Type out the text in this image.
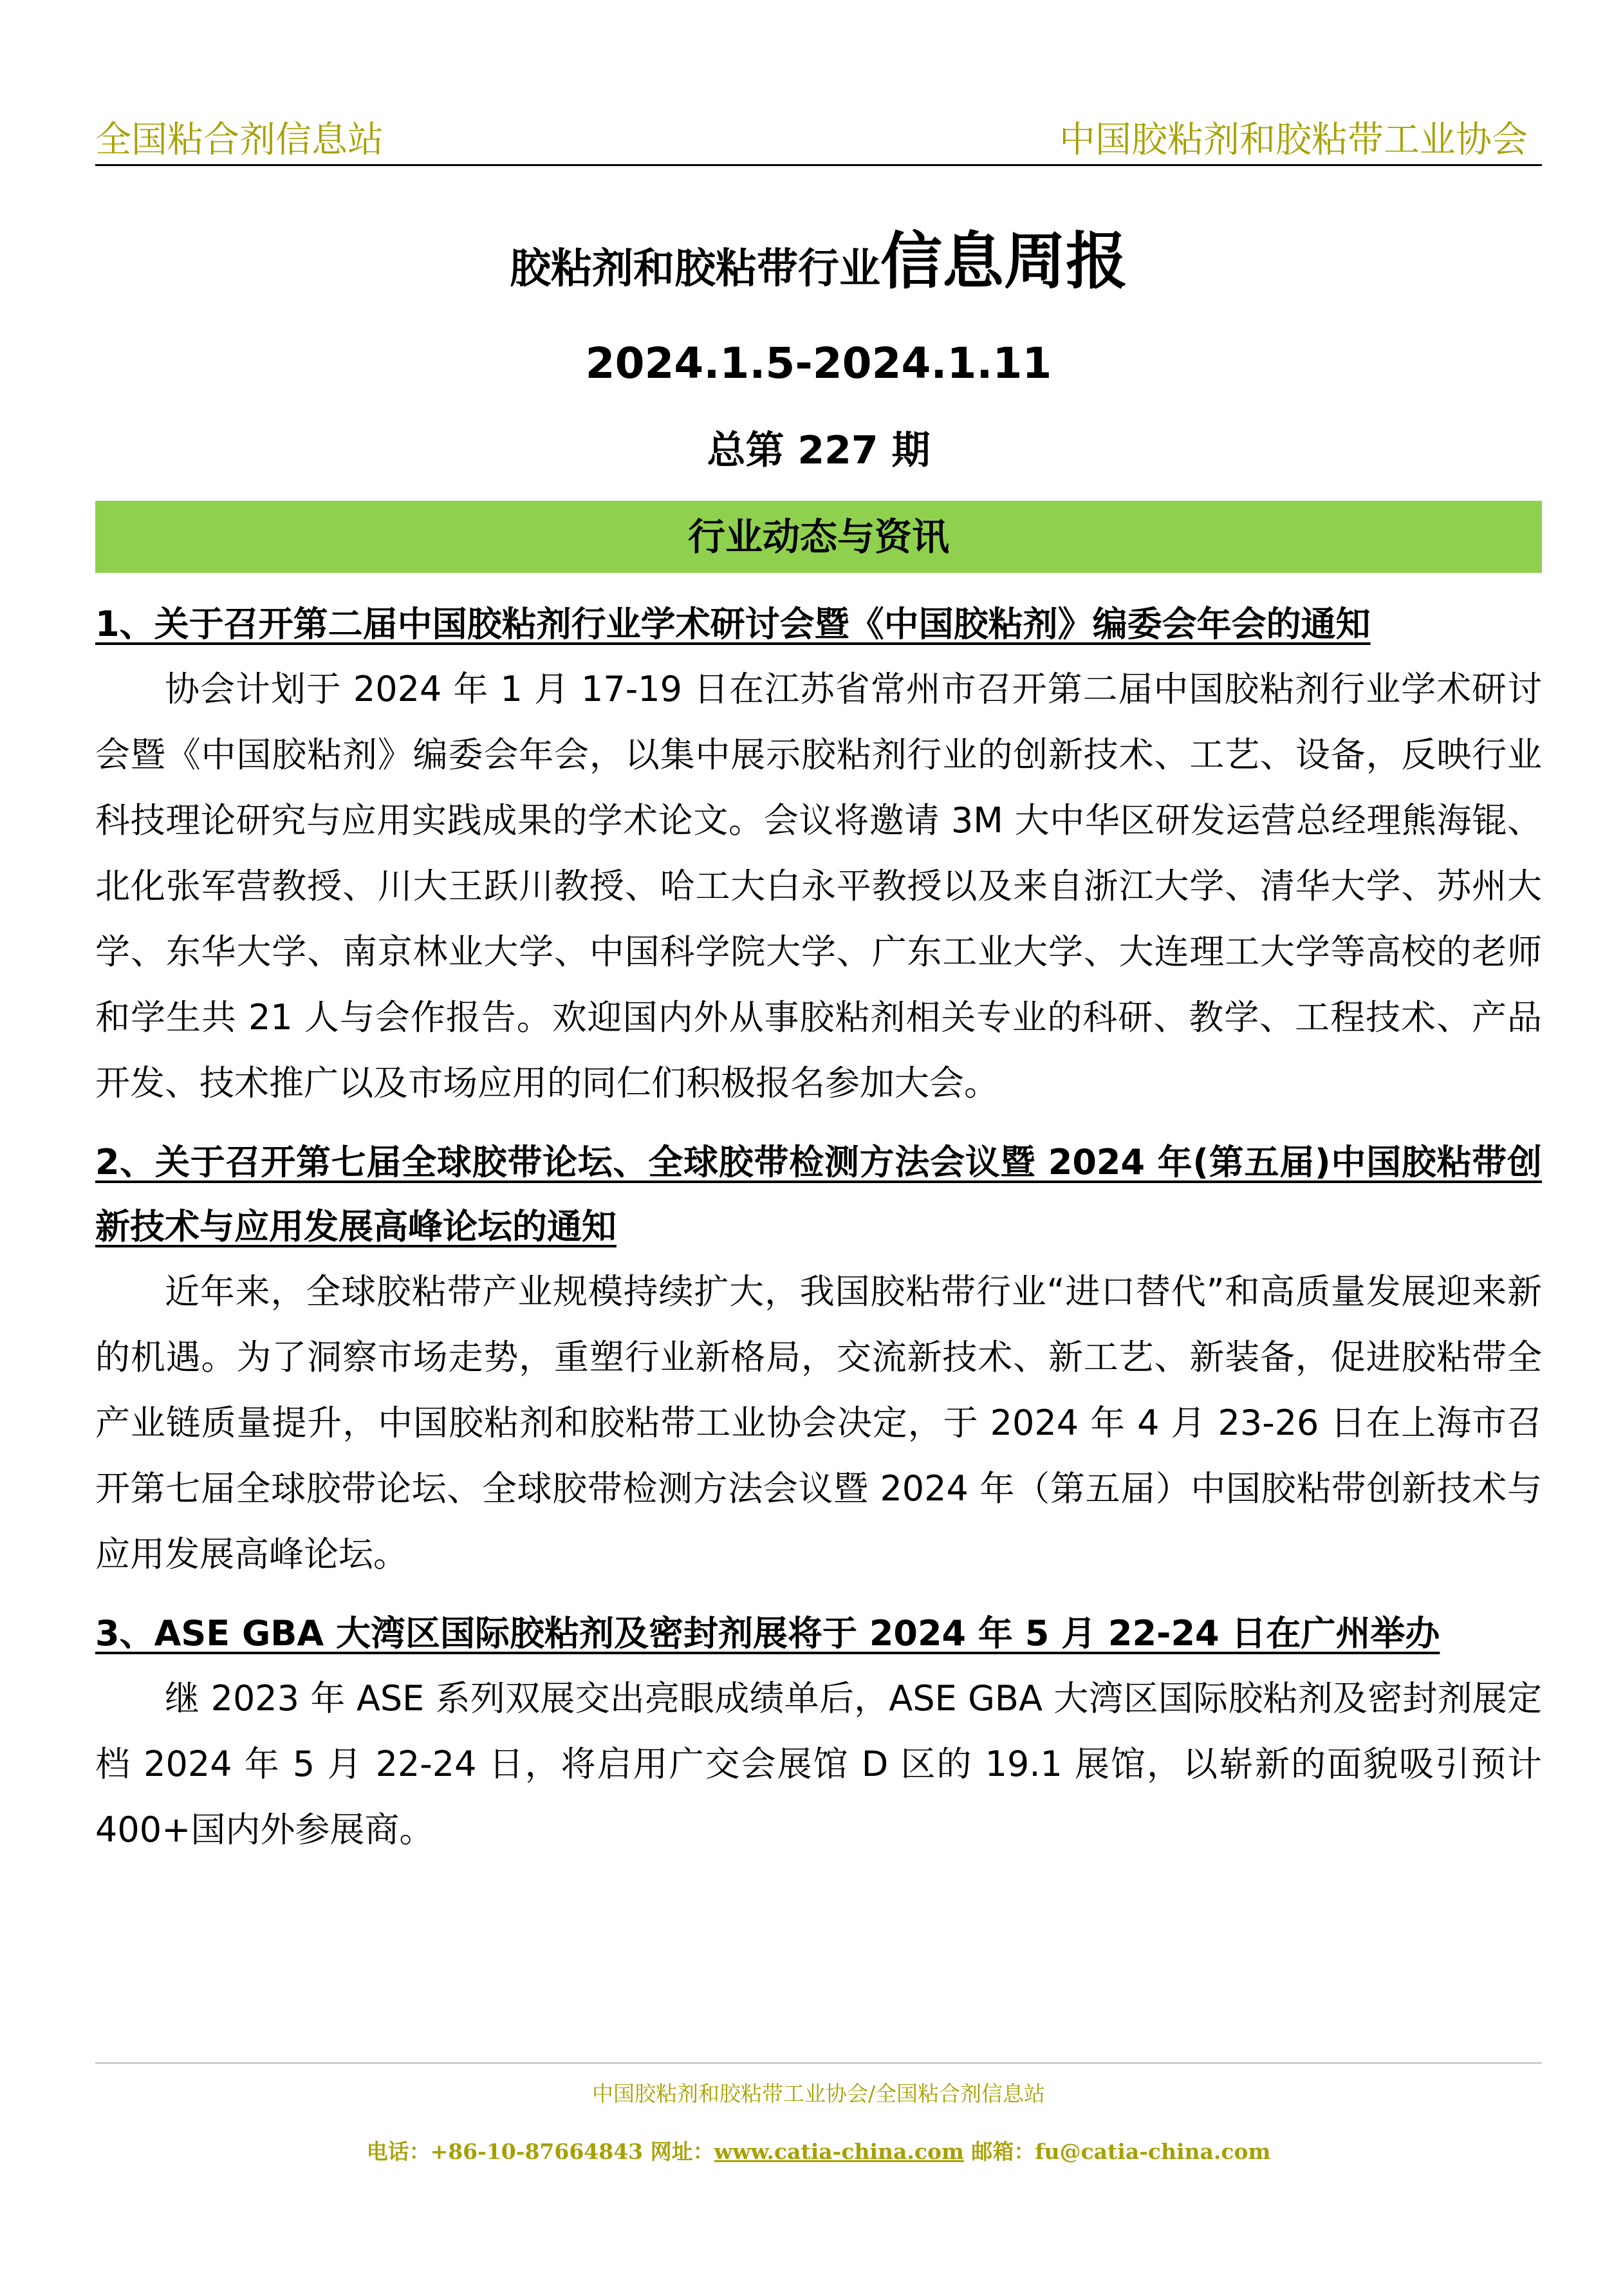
全国粘合剂信息站	中国胶粘剂和胶粘带工业协会
胶粘剂和胶粘带行业信息周报
2024.1.5-2024.1.11
总第 227 期
行业动态与资讯

1、关于召开第二届中国胶粘剂行业学术研讨会暨《中国胶粘剂》编委会年会的通知

协会计划于 2024 年 1 月 17-19 日在江苏省常州市召开第二届中国胶粘剂行业学术研讨会暨《中国胶粘剂》编委会年会，以集中展示胶粘剂行业的创新技术、工艺、设备，反映行业科技理论研究与应用实践成果的学术论文。会议将邀请 3M 大中华区研发运营总经理熊海锟、北化张军营教授、川大王跃川教授、哈工大白永平教授以及来自浙江大学、清华大学、苏州大学、东华大学、南京林业大学、中国科学院大学、广东工业大学、大连理工大学等高校的老师和学生共 21 人与会作报告。欢迎国内外从事胶粘剂相关专业的科研、教学、工程技术、产品开发、技术推广以及市场应用的同仁们积极报名参加大会。

2、关于召开第七届全球胶带论坛、全球胶带检测方法会议暨 2024 年(第五届)中国胶粘带创新技术与应用发展高峰论坛的通知

近年来，全球胶粘带产业规模持续扩大，我国胶粘带行业“进口替代”和高质量发展迎来新的机遇。为了洞察市场走势，重塑行业新格局，交流新技术、新工艺、新装备，促进胶粘带全产业链质量提升，中国胶粘剂和胶粘带工业协会决定，于 2024 年 4 月 23-26 日在上海市召开第七届全球胶带论坛、全球胶带检测方法会议暨 2024 年（第五届）中国胶粘带创新技术与应用发展高峰论坛。

3、ASE GBA 大湾区国际胶粘剂及密封剂展将于 2024 年 5 月 22-24 日在广州举办

继 2023 年 ASE 系列双展交出亮眼成绩单后，ASE GBA 大湾区国际胶粘剂及密封剂展定档 2024 年 5 月 22-24 日，将启用广交会展馆 D 区的 19.1 展馆，以崭新的面貌吸引预计 400+国内外参展商。

中国胶粘剂和胶粘带工业协会/全国粘合剂信息站
电话：+86-10-87664843 网址：www.catia-china.com 邮箱：fu@catia-china.com
